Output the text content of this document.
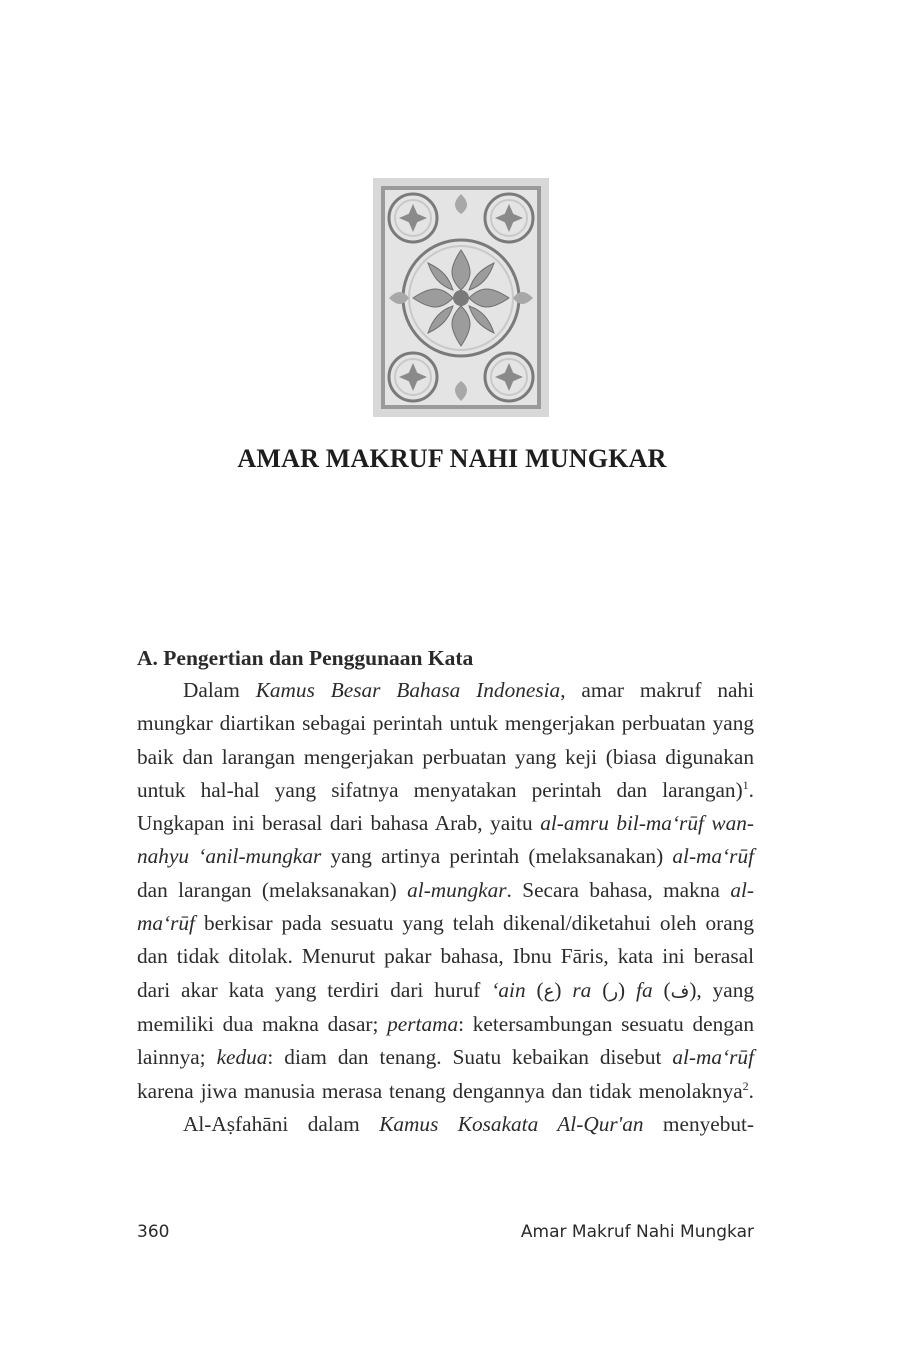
AMAR MAKRUF NAHI MUNGKAR
A. Pengertian dan Penggunaan Kata

Dalam Kamus Besar Bahasa Indonesia, amar makruf nahi mungkar diartikan sebagai perintah untuk mengerjakan perbuatan yang baik dan larangan mengerjakan perbuatan yang keji (biasa digunakan untuk hal-hal yang sifatnya menyatakan perintah dan larangan)$^1$. Ungkapan ini berasal dari bahasa Arab, yaitu al-amru bil-ma‘rūf wan-nahyu ‘anil-mungkar yang artinya perintah (melaksanakan) al-ma‘rūf dan larangan (melaksanakan) al-mungkar. Secara bahasa, makna al-ma‘rūf berkisar pada sesuatu yang telah dikenal/diketahui oleh orang dan tidak ditolak. Menurut pakar bahasa, Ibnu Fāris, kata ini berasal dari akar kata yang terdiri dari huruf ‘ain (ع) ra (ر) fa (ف), yang memiliki dua makna dasar; pertama: ketersambungan sesuatu dengan lainnya; kedua: diam dan tenang. Suatu kebaikan disebut al-ma‘rūf karena jiwa manusia merasa tenang dengannya dan tidak menolaknya$^2$.

Al-Aṣfahāni dalam Kamus Kosakata Al-Qur'an menyebut-

360	Amar Makruf Nahi Mungkar
